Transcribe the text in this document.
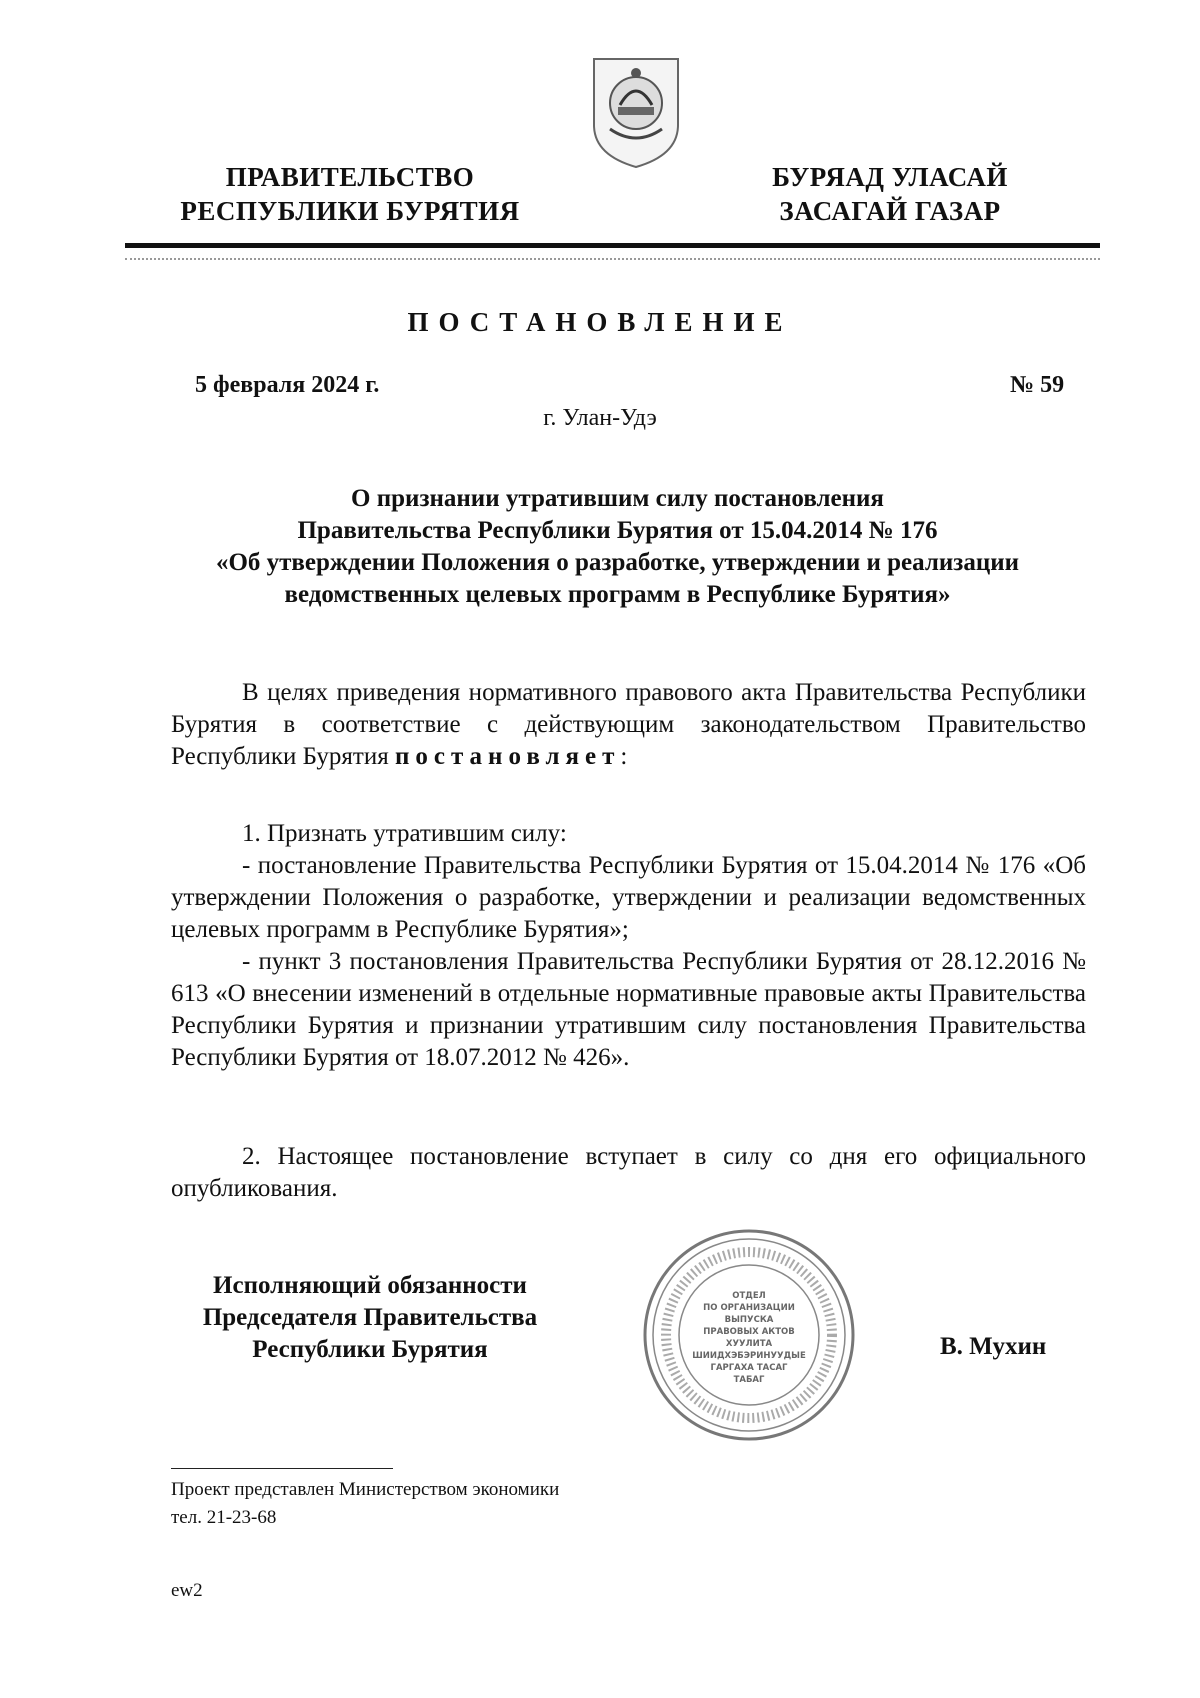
ПРАВИТЕЛЬСТВО
РЕСПУБЛИКИ БУРЯТИЯ
БУРЯАД УЛАСАЙ
ЗАСАГАЙ ГАЗАР
ПОСТАНОВЛЕНИЕ
5 февраля 2024 г.	№ 59
г. Улан-Удэ
О признании утратившим силу постановления
Правительства Республики Бурятия от 15.04.2014 № 176
«Об утверждении Положения о разработке, утверждении и реализации
ведомственных целевых программ в Республике Бурятия»
В целях приведения нормативного правового акта Правительства Республики Бурятия в соответствие с действующим законодательством Правительство Республики Бурятия постановляет:
1. Признать утратившим силу:
- постановление Правительства Республики Бурятия от 15.04.2014 № 176 «Об утверждении Положения о разработке, утверждении и реализации ведомственных целевых программ в Республике Бурятия»;
- пункт 3 постановления Правительства Республики Бурятия от 28.12.2016 № 613 «О внесении изменений в отдельные нормативные правовые акты Правительства Республики Бурятия и признании утратившим силу постановления Правительства Республики Бурятия от 18.07.2012 № 426».
2. Настоящее постановление вступает в силу со дня его официального опубликования.
Исполняющий обязанности
Председателя Правительства
Республики Бурятия
ОТДЕЛ
ПО ОРГАНИЗАЦИИ
ВЫПУСКА
ПРАВОВЫХ АКТОВ
ХУУЛИТА
ШИИДХЭБЭРИНУУДЫЕ
ГАРГАХА ТАСАГ
ТАБАГ
В. Мухин
Проект представлен Министерством экономики
тел. 21-23-68
ew2
